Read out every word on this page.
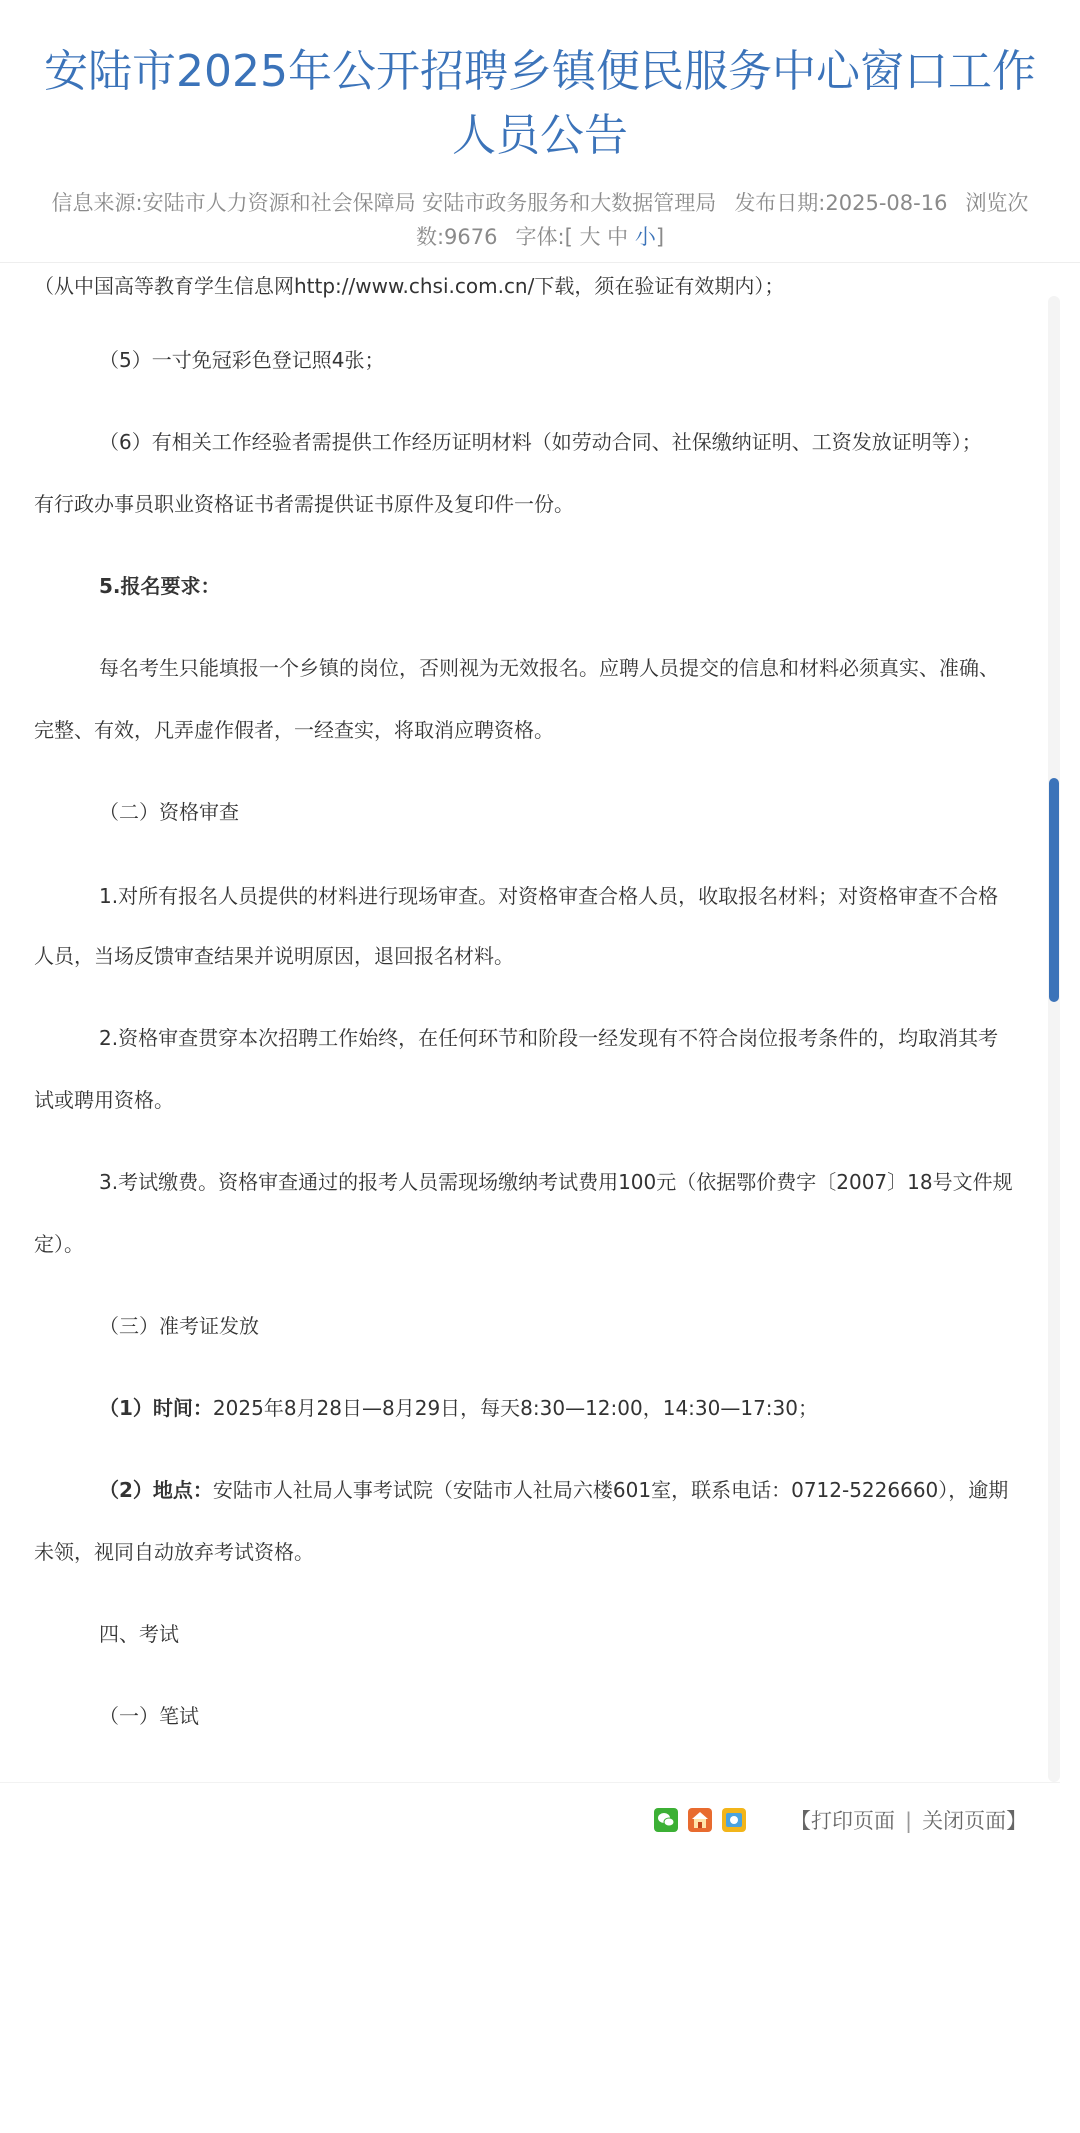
安陆市2025年公开招聘乡镇便民服务中心窗口工作
人员公告
信息来源:安陆市人力资源和社会保障局 安陆市政务服务和大数据管理局 发布日期:2025-08-16 浏览次数:9676 字体:[ 大 中 小]

（从中国高等教育学生信息网http://www.chsi.com.cn/下载，须在验证有效期内）；

（5）一寸免冠彩色登记照4张；

（6）有相关工作经验者需提供工作经历证明材料（如劳动合同、社保缴纳证明、工资发放证明等）；

有行政办事员职业资格证书者需提供证书原件及复印件一份。

5.报名要求：

每名考生只能填报一个乡镇的岗位，否则视为无效报名。应聘人员提交的信息和材料必须真实、准确、

完整、有效，凡弄虚作假者，一经查实，将取消应聘资格。

（二）资格审查

1.对所有报名人员提供的材料进行现场审查。对资格审查合格人员，收取报名材料；对资格审查不合格

人员，当场反馈审查结果并说明原因，退回报名材料。

2.资格审查贯穿本次招聘工作始终，在任何环节和阶段一经发现有不符合岗位报考条件的，均取消其考

试或聘用资格。

3.考试缴费。资格审查通过的报考人员需现场缴纳考试费用100元（依据鄂价费字〔2007〕18号文件规

定）。

（三）准考证发放

（1）时间：2025年8月28日—8月29日，每天8:30—12:00，14:30—17:30；

（2）地点：安陆市人社局人事考试院（安陆市人社局六楼601室，联系电话：0712-5226660），逾期

未领，视同自动放弃考试资格。

四、考试

（一）笔试

【打印页面 | 关闭页面】
